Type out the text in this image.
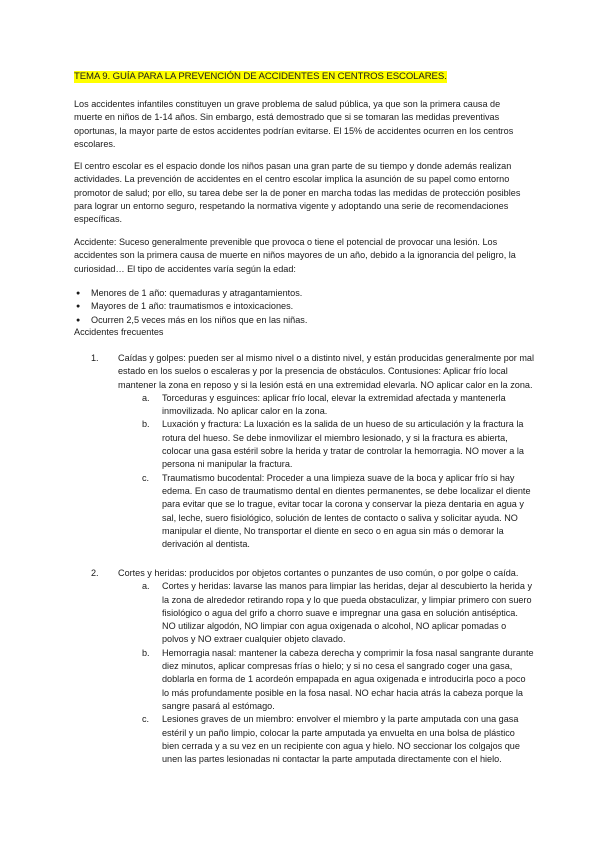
TEMA 9. GUÍA PARA LA PREVENCIÓN DE ACCIDENTES EN CENTROS ESCOLARES.

Los accidentes infantiles constituyen un grave problema de salud pública, ya que son la primera causa de muerte en niños de 1-14 años. Sin embargo, está demostrado que si se tomaran las medidas preventivas oportunas, la mayor parte de estos accidentes podrían evitarse. El 15% de accidentes ocurren en los centros escolares.

El centro escolar es el espacio donde los niños pasan una gran parte de su tiempo y donde además realizan actividades. La prevención de accidentes en el centro escolar implica la asunción de su papel como entorno promotor de salud; por ello, su tarea debe ser la de poner en marcha todas las medidas de protección posibles para lograr un entorno seguro, respetando la normativa vigente y adoptando una serie de recomendaciones específicas.

Accidente: Suceso generalmente prevenible que provoca o tiene el potencial de provocar una lesión. Los accidentes son la primera causa de muerte en niños mayores de un año, debido a la ignorancia del peligro, la curiosidad… El tipo de accidentes varía según la edad:

● Menores de 1 año: quemaduras y atragantamientos.
● Mayores de 1 año: traumatismos e intoxicaciones.
● Ocurren 2,5 veces más en los niños que en las niñas.
Accidentes frecuentes
1. Caídas y golpes: pueden ser al mismo nivel o a distinto nivel, y están producidas generalmente por mal estado en los suelos o escaleras y por la presencia de obstáculos. Contusiones: Aplicar frío local mantener la zona en reposo y si la lesión está en una extremidad elevarla. NO aplicar calor en la zona.
a. Torceduras y esguinces: aplicar frío local, elevar la extremidad afectada y mantenerla inmovilizada. No aplicar calor en la zona.
b. Luxación y fractura: La luxación es la salida de un hueso de su articulación y la fractura la rotura del hueso. Se debe inmovilizar el miembro lesionado, y si la fractura es abierta, colocar una gasa estéril sobre la herida y tratar de controlar la hemorragia. NO mover a la persona ni manipular la fractura.
c. Traumatismo bucodental: Proceder a una limpieza suave de la boca y aplicar frío si hay edema. En caso de traumatismo dental en dientes permanentes, se debe localizar el diente para evitar que se lo trague, evitar tocar la corona y conservar la pieza dentaria en agua y sal, leche, suero fisiológico, solución de lentes de contacto o saliva y solicitar ayuda. NO manipular el diente, No transportar el diente en seco o en agua sin más o demorar la derivación al dentista.
2. Cortes y heridas: producidos por objetos cortantes o punzantes de uso común, o por golpe o caída.
a. Cortes y heridas: lavarse las manos para limpiar las heridas, dejar al descubierto la herida y la zona de alrededor retirando ropa y lo que pueda obstaculizar, y limpiar primero con suero fisiológico o agua del grifo a chorro suave e impregnar una gasa en solución antiséptica. NO utilizar algodón, NO limpiar con agua oxigenada o alcohol, NO aplicar pomadas o polvos y NO extraer cualquier objeto clavado.
b. Hemorragia nasal: mantener la cabeza derecha y comprimir la fosa nasal sangrante durante diez minutos, aplicar compresas frías o hielo; y si no cesa el sangrado coger una gasa, doblarla en forma de 1 acordeón empapada en agua oxigenada e introducirla poco a poco lo más profundamente posible en la fosa nasal. NO echar hacia atrás la cabeza porque la sangre pasará al estómago.
c. Lesiones graves de un miembro: envolver el miembro y la parte amputada con una gasa estéril y un paño limpio, colocar la parte amputada ya envuelta en una bolsa de plástico bien cerrada y a su vez en un recipiente con agua y hielo. NO seccionar los colgajos que unen las partes lesionadas ni contactar la parte amputada directamente con el hielo.
